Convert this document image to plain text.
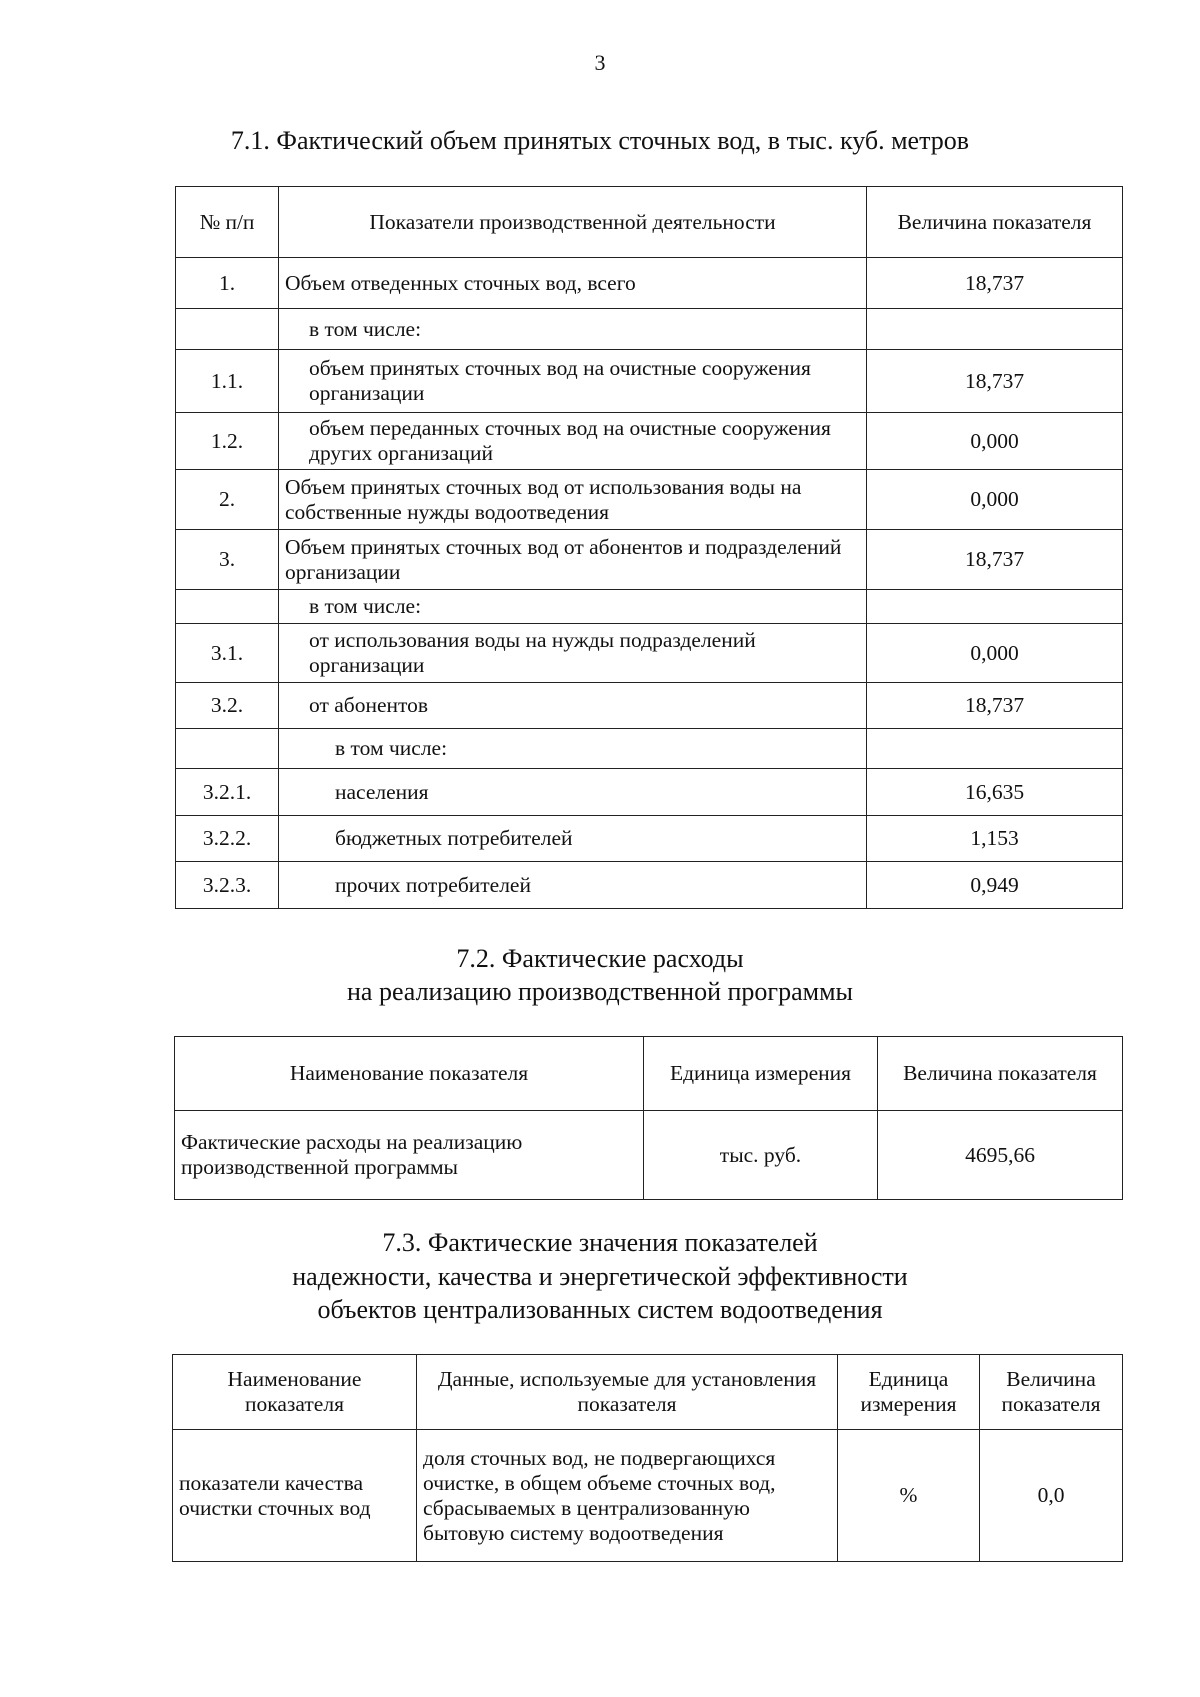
3
7.1. Фактический объем принятых сточных вод, в тыс. куб. метров
№ п/п	Показатели производственной деятельности	Величина показателя
1.	Объем отведенных сточных вод, всего	18,737
	в том числе:	
1.1.	объем принятых сточных вод на очистные сооружения организации	18,737
1.2.	объем переданных сточных вод на очистные сооружения других организаций	0,000
2.	Объем принятых сточных вод от использования воды на собственные нужды водоотведения	0,000
3.	Объем принятых сточных вод от абонентов и подразделений организации	18,737
	в том числе:	
3.1.	от использования воды на нужды подразделений организации	0,000
3.2.	от абонентов	18,737
	в том числе:	
3.2.1.	населения	16,635
3.2.2.	бюджетных потребителей	1,153
3.2.3.	прочих потребителей	0,949
7.2. Фактические расходы
на реализацию производственной программы
Наименование показателя	Единица измерения	Величина показателя
Фактические расходы на реализацию производственной программы	тыс. руб.	4695,66
7.3. Фактические значения показателей
надежности, качества и энергетической эффективности
объектов централизованных систем водоотведения
Наименование показателя	Данные, используемые для установления показателя	Единица измерения	Величина показателя
показатели качества очистки сточных вод	доля сточных вод, не подвергающихся очистке, в общем объеме сточных вод, сбрасываемых в централизованную бытовую систему водоотведения	%	0,0
